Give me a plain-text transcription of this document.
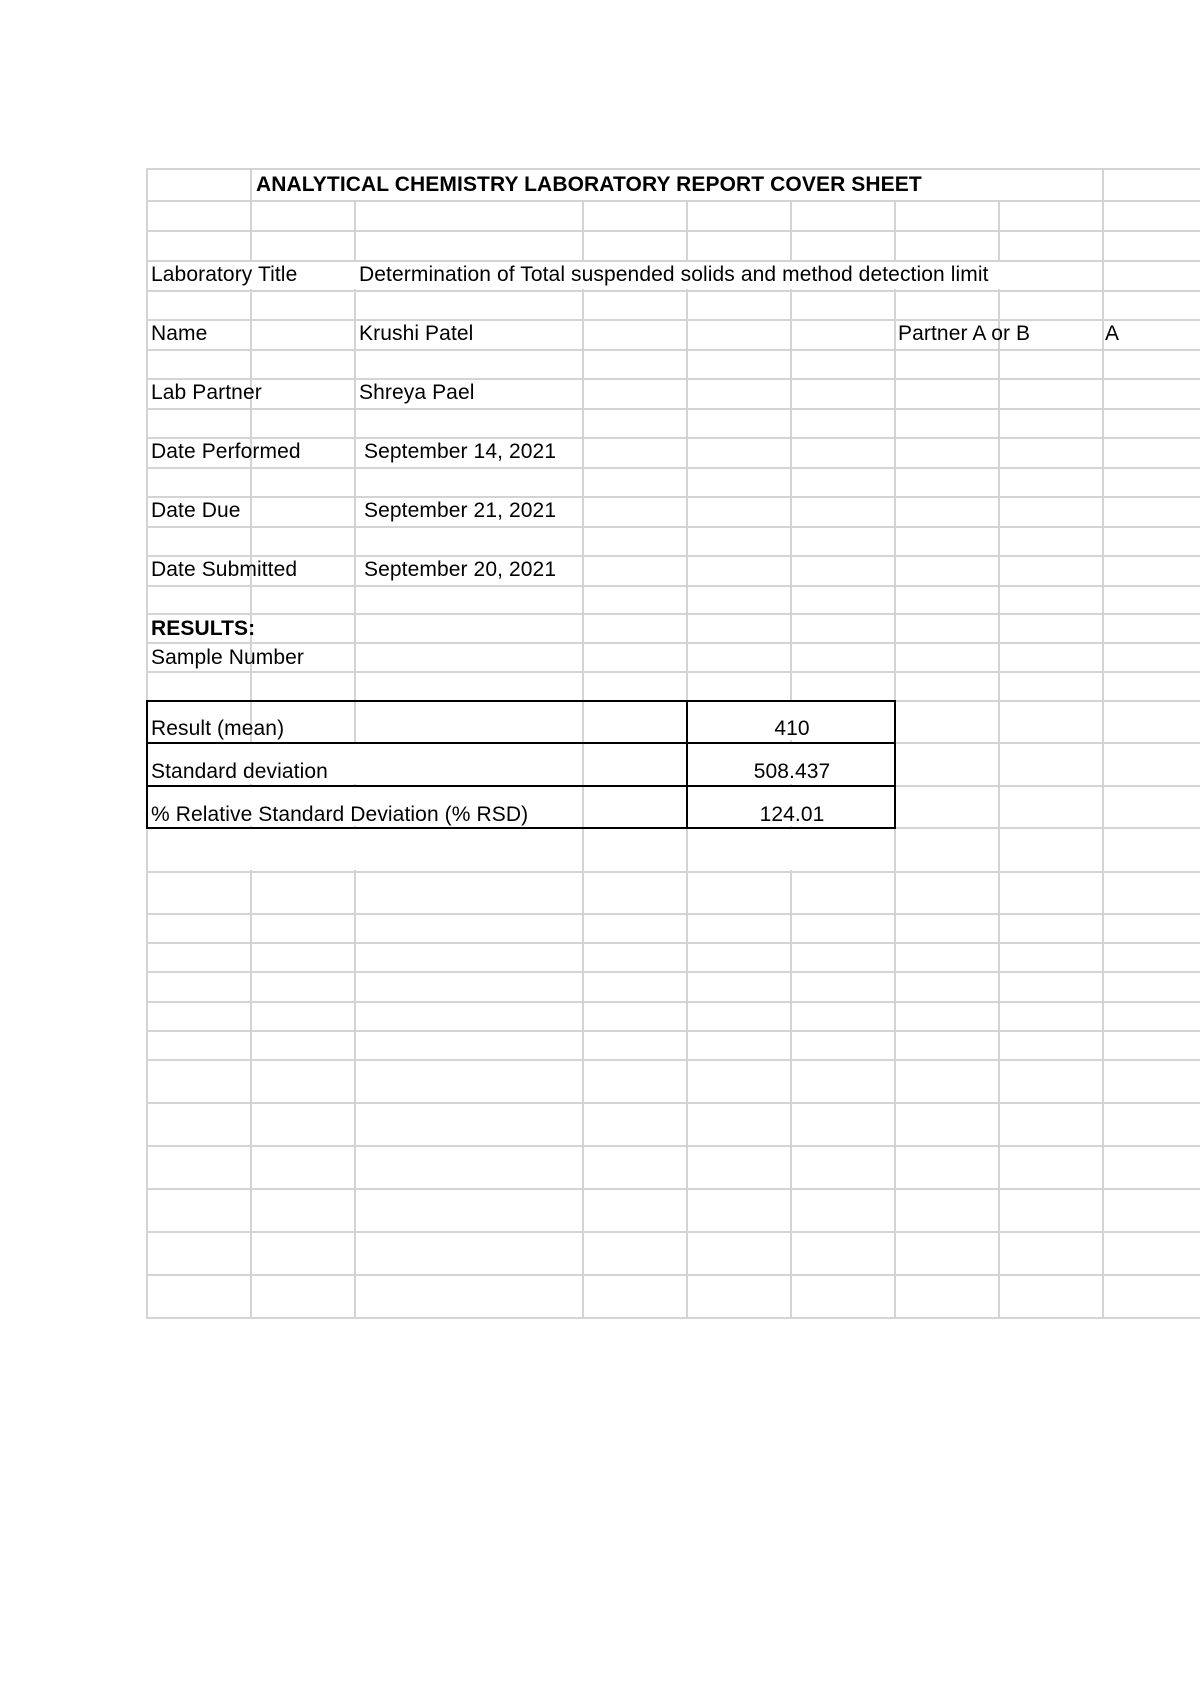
ANALYTICAL CHEMISTRY LABORATORY REPORT COVER SHEET
Laboratory Title	Determination of Total suspended solids and method detection limit
Name	Krushi Patel	Partner A or B	A
Lab Partner	Shreya Pael
Date Performed	September 14, 2021
Date Due	September 21, 2021
Date Submitted	September 20, 2021
RESULTS:
Sample Number
Result (mean)	410
Standard deviation	508.437
% Relative Standard Deviation (% RSD)	124.01
